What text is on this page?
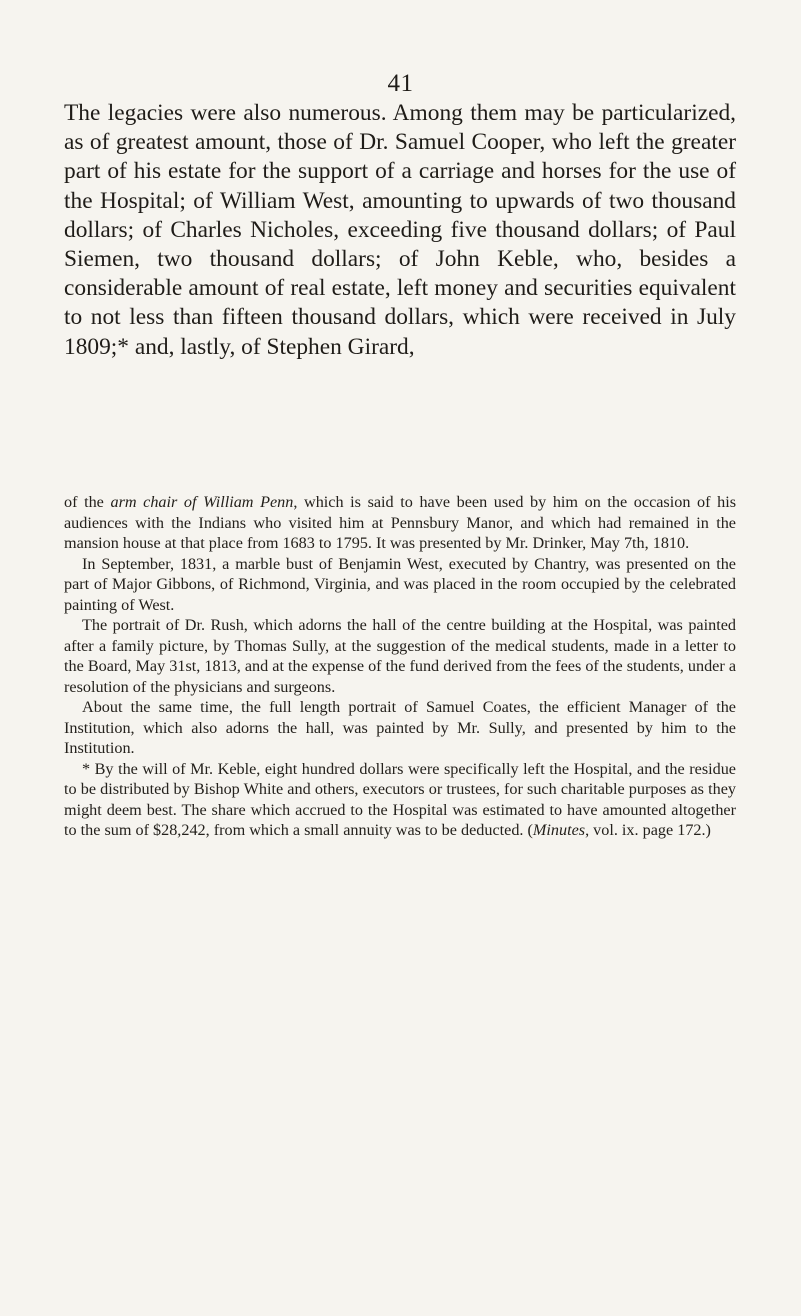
41

The legacies were also numerous. Among them may be particularized, as of greatest amount, those of Dr. Samuel Cooper, who left the greater part of his estate for the support of a carriage and horses for the use of the Hospital; of William West, amounting to upwards of two thousand dollars; of Charles Nicholes, exceeding five thousand dollars; of Paul Siemen, two thousand dollars; of John Keble, who, besides a considerable amount of real estate, left money and securities equivalent to not less than fifteen thousand dollars, which were received in July 1809;* and, lastly, of Stephen Girard,

of the arm chair of William Penn, which is said to have been used by him on the occasion of his audiences with the Indians who visited him at Pennsbury Manor, and which had remained in the mansion house at that place from 1683 to 1795. It was presented by Mr. Drinker, May 7th, 1810.

In September, 1831, a marble bust of Benjamin West, executed by Chantry, was presented on the part of Major Gibbons, of Richmond, Virginia, and was placed in the room occupied by the celebrated painting of West.

The portrait of Dr. Rush, which adorns the hall of the centre building at the Hospital, was painted after a family picture, by Thomas Sully, at the suggestion of the medical students, made in a letter to the Board, May 31st, 1813, and at the expense of the fund derived from the fees of the students, under a resolution of the physicians and surgeons.

About the same time, the full length portrait of Samuel Coates, the efficient Manager of the Institution, which also adorns the hall, was painted by Mr. Sully, and presented by him to the Institution.

* By the will of Mr. Keble, eight hundred dollars were specifically left the Hospital, and the residue to be distributed by Bishop White and others, executors or trustees, for such charitable purposes as they might deem best. The share which accrued to the Hospital was estimated to have amounted altogether to the sum of $28,242, from which a small annuity was to be deducted. (Minutes, vol. ix. page 172.)
